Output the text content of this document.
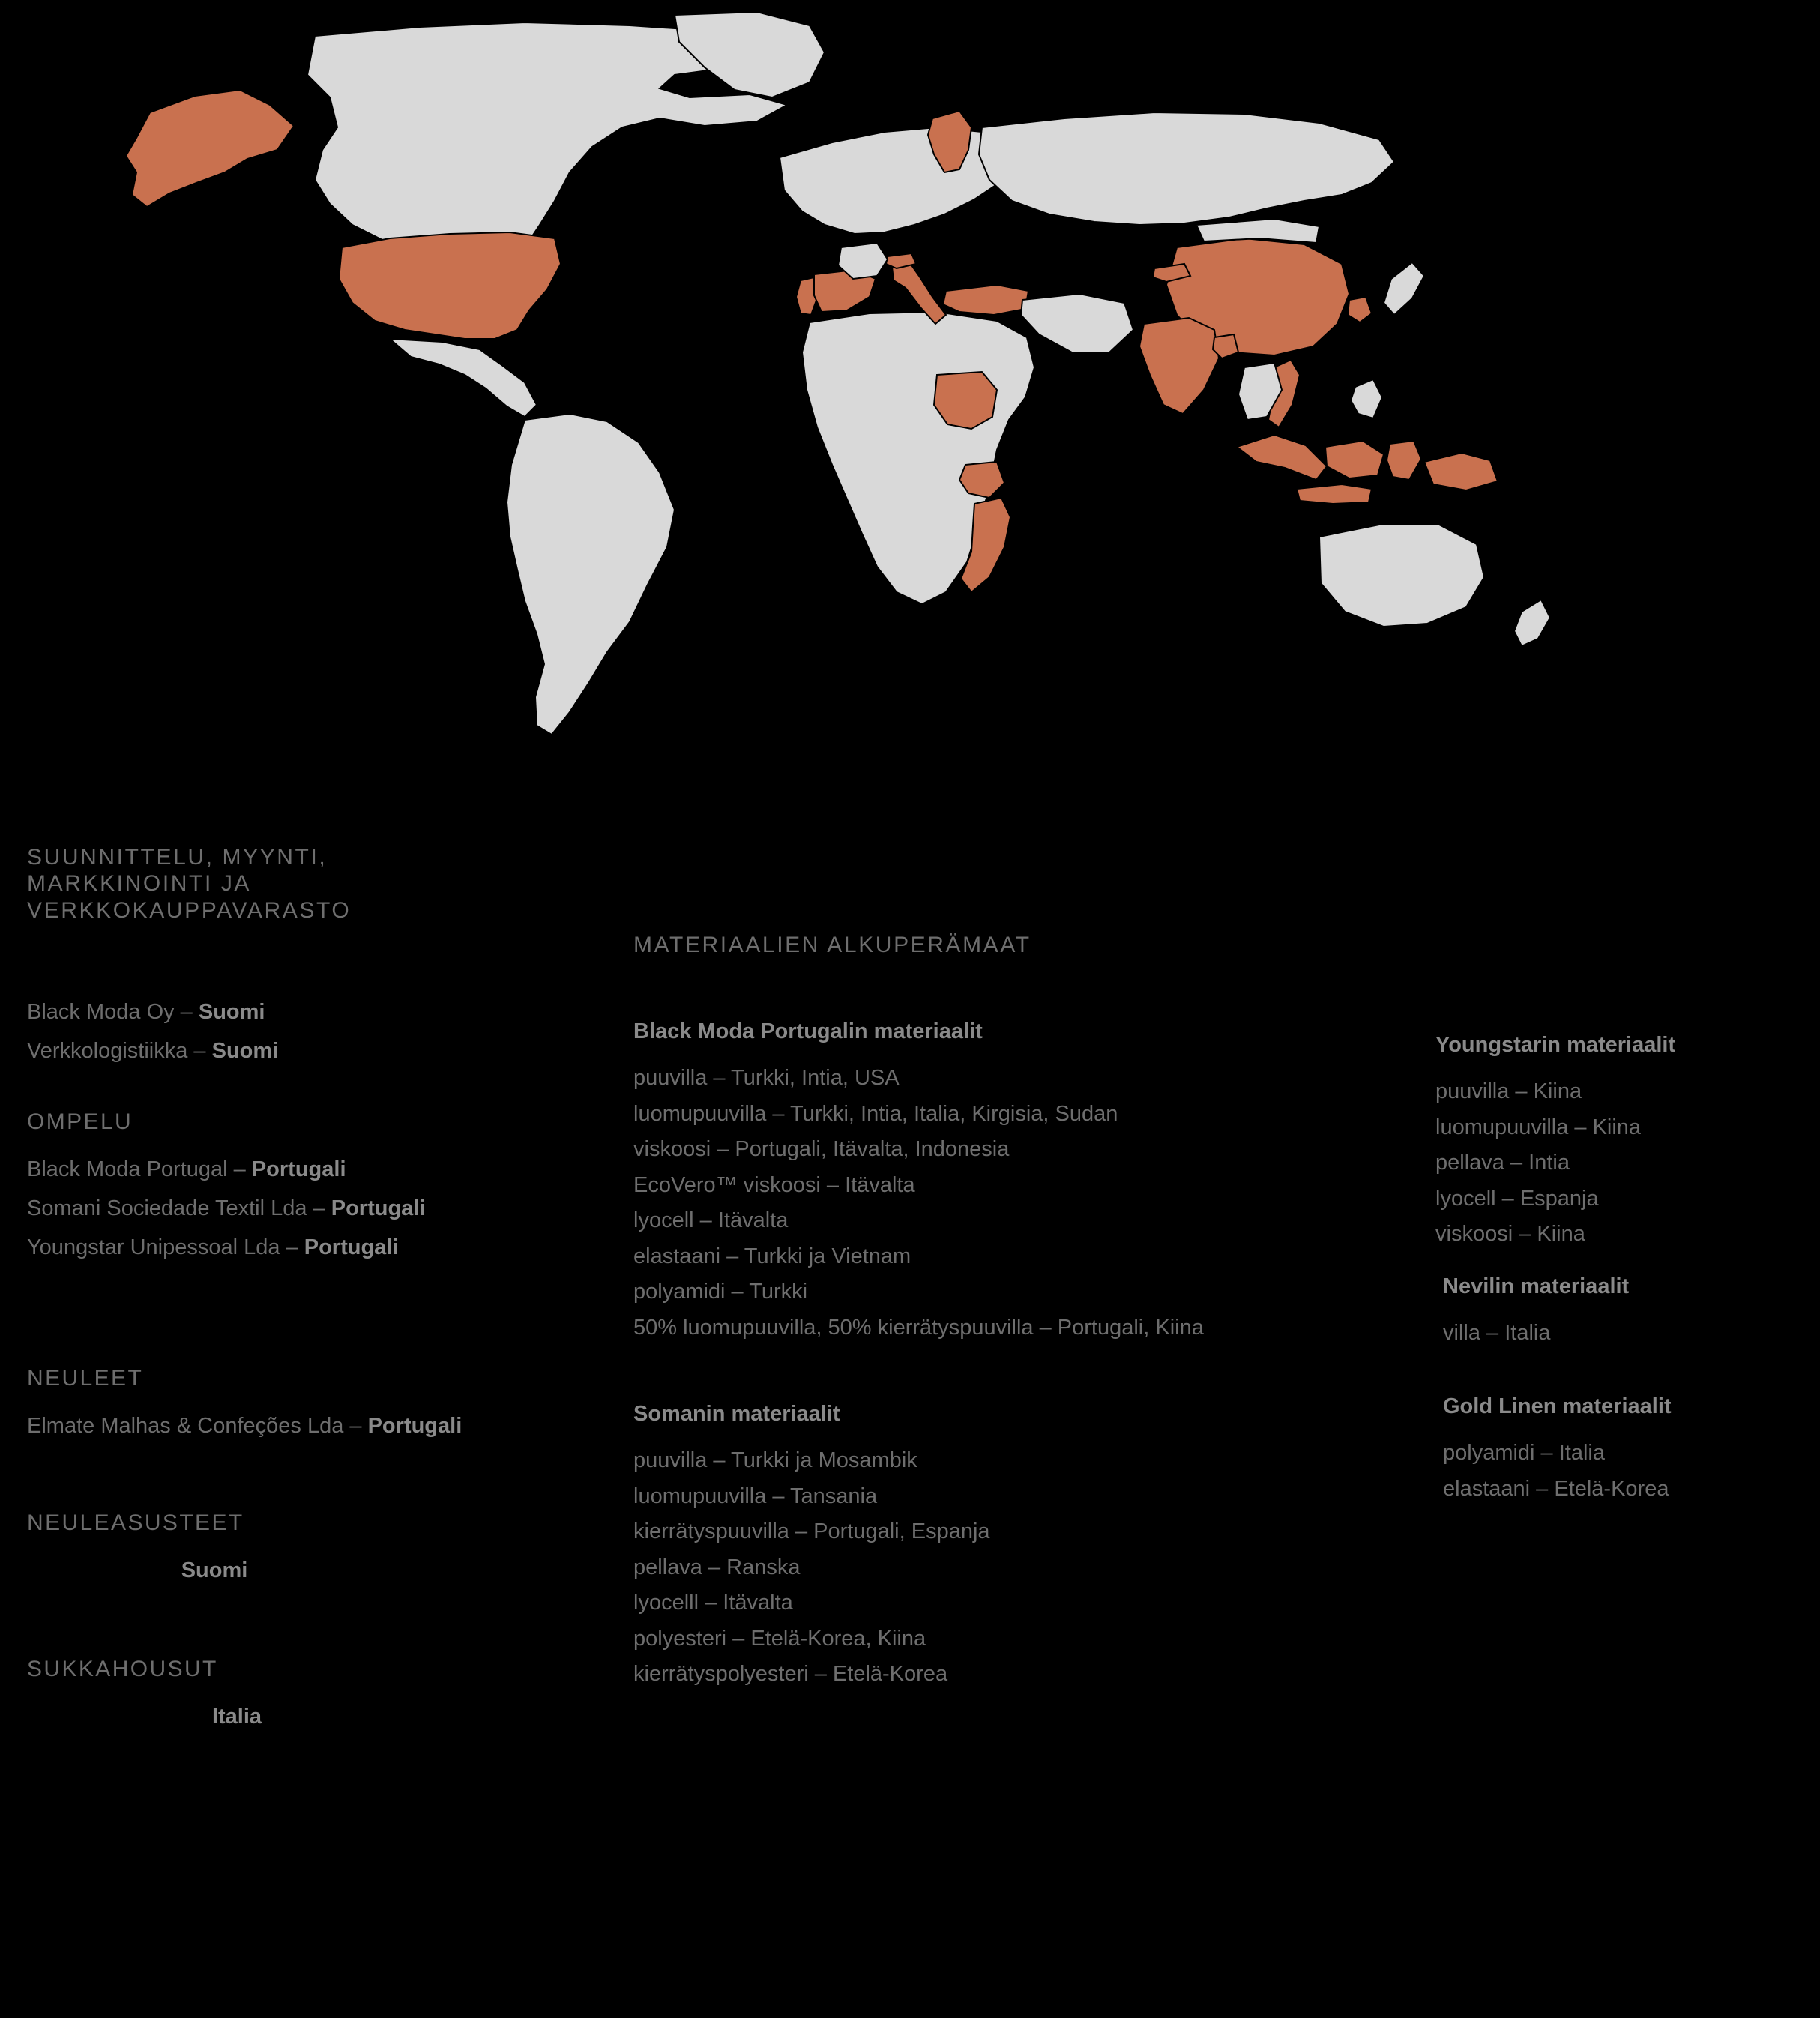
SUUNNITTELU, MYYNTI,
MARKKINOINTI JA
VERKKOKAUPPAVARASTO

Black Moda Oy – Suomi

Verkkologistiikka – Suomi

OMPELU

Black Moda Portugal – Portugali

Somani Sociedade Textil Lda – Portugali

Youngstar Unipessoal Lda – Portugali

NEULEET

Elmate Malhas & Confeções Lda – Portugali

NEULEASUSTEET

Suomi

SUKKAHOUSUT

Italia

MATERIAALIEN ALKUPERÄMAAT

Black Moda Portugalin materiaalit

puuvilla – Turkki, Intia, USA

luomupuuvilla – Turkki, Intia, Italia, Kirgisia, Sudan

viskoosi – Portugali, Itävalta, Indonesia

EcoVero™ viskoosi – Itävalta

lyocell – Itävalta

elastaani – Turkki ja Vietnam

polyamidi – Turkki

50% luomupuuvilla, 50% kierrätyspuuvilla – Portugali, Kiina

Somanin materiaalit

puuvilla – Turkki ja Mosambik

luomupuuvilla – Tansania

kierrätyspuuvilla – Portugali, Espanja

pellava – Ranska

lyocelll – Itävalta

polyesteri – Etelä-Korea, Kiina

kierrätyspolyesteri – Etelä-Korea

Youngstarin materiaalit

puuvilla – Kiina

luomupuuvilla – Kiina

pellava – Intia

lyocell – Espanja

viskoosi – Kiina

Nevilin materiaalit

villa – Italia

Gold Linen materiaalit

polyamidi – Italia

elastaani – Etelä-Korea
